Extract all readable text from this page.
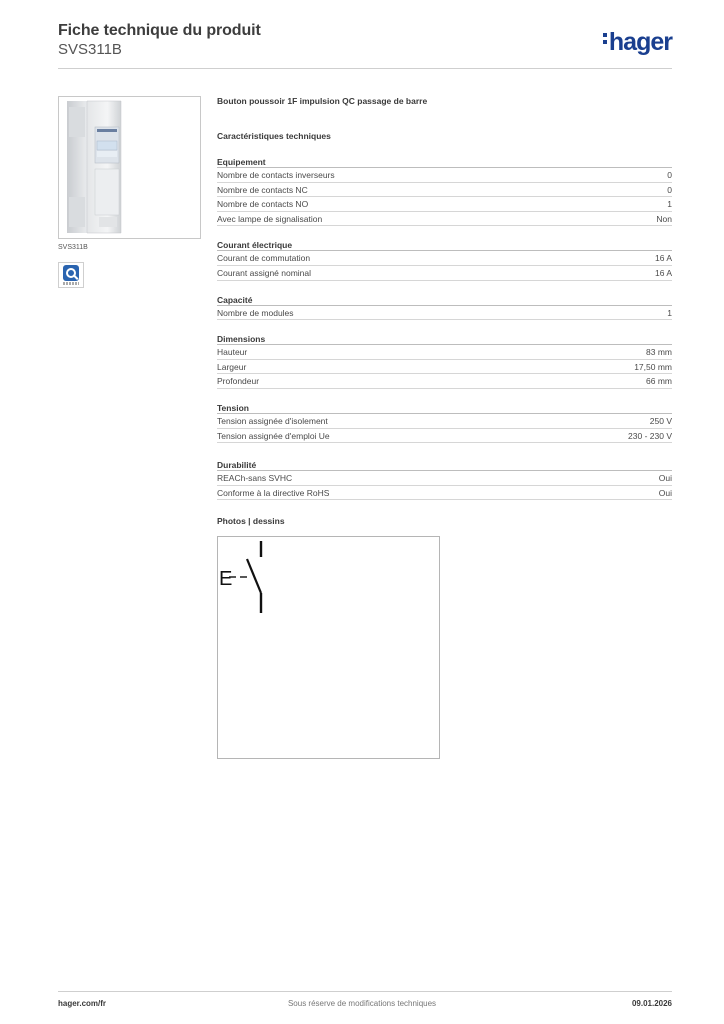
Fiche technique du produit
SVS311B	hager
SVS311B
Bouton poussoir 1F impulsion QC passage de barre
Caractéristiques techniques
Equipement
Nombre de contacts inverseurs	0
Nombre de contacts NC	0
Nombre de contacts NO	1
Avec lampe de signalisation	Non
Courant électrique
Courant de commutation	16 A
Courant assigné nominal	16 A
Capacité
Nombre de modules	1
Dimensions
Hauteur	83 mm
Largeur	17,50 mm
Profondeur	66 mm
Tension
Tension assignée d'isolement	250 V
Tension assignée d'emploi Ue	230 - 230 V
Durabilité
REACh-sans SVHC	Oui
Conforme à la directive RoHS	Oui
Photos | dessins
E
hager.com/fr	Sous réserve de modifications techniques	09.01.2026
